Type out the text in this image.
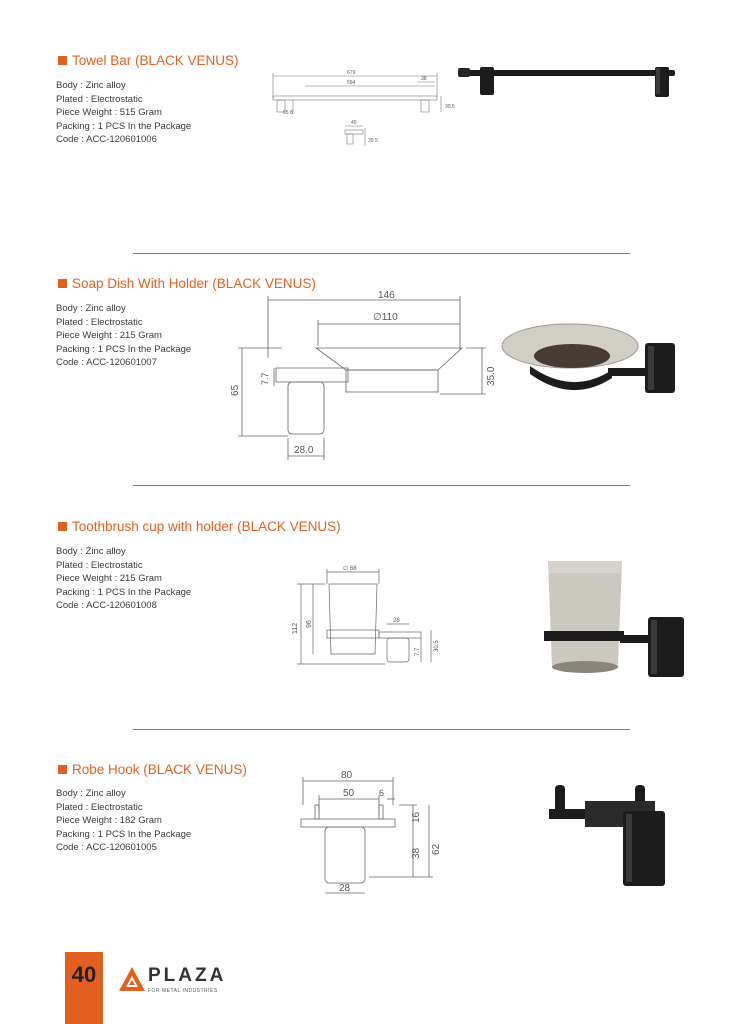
Towel Bar (BLACK VENUS)
Body : Zinc alloy
Plated : Electrostatic
Piece Weight : 515 Gram
Packing : 1 PCS In the Package
Code : ACC-120601006
679
594
38
30.5
65.8
40
30.5
Soap Dish With Holder (BLACK VENUS)
Body : Zinc alloy
Plated : Electrostatic
Piece Weight : 215 Gram
Packing : 1 PCS In the Package
Code : ACC-120601007
146
∅110
65
7.7	35.0
28.0
Toothbrush cup with holder (BLACK VENUS)
Body : Zinc alloy
Plated : Electrostatic
Piece Weight : 215 Gram
Packing : 1 PCS In the Package
Code : ACC-120601008
∅ 68
112 96	28
7.7 30.5
Robe Hook (BLACK VENUS)
Body : Zinc alloy
Plated : Electrostatic
Piece Weight : 182 Gram
Packing : 1 PCS In the Package
Code : ACC-120601005
80
50	6
16
38 62
28
40	PLAZA
FOR METAL INDUSTRIES
